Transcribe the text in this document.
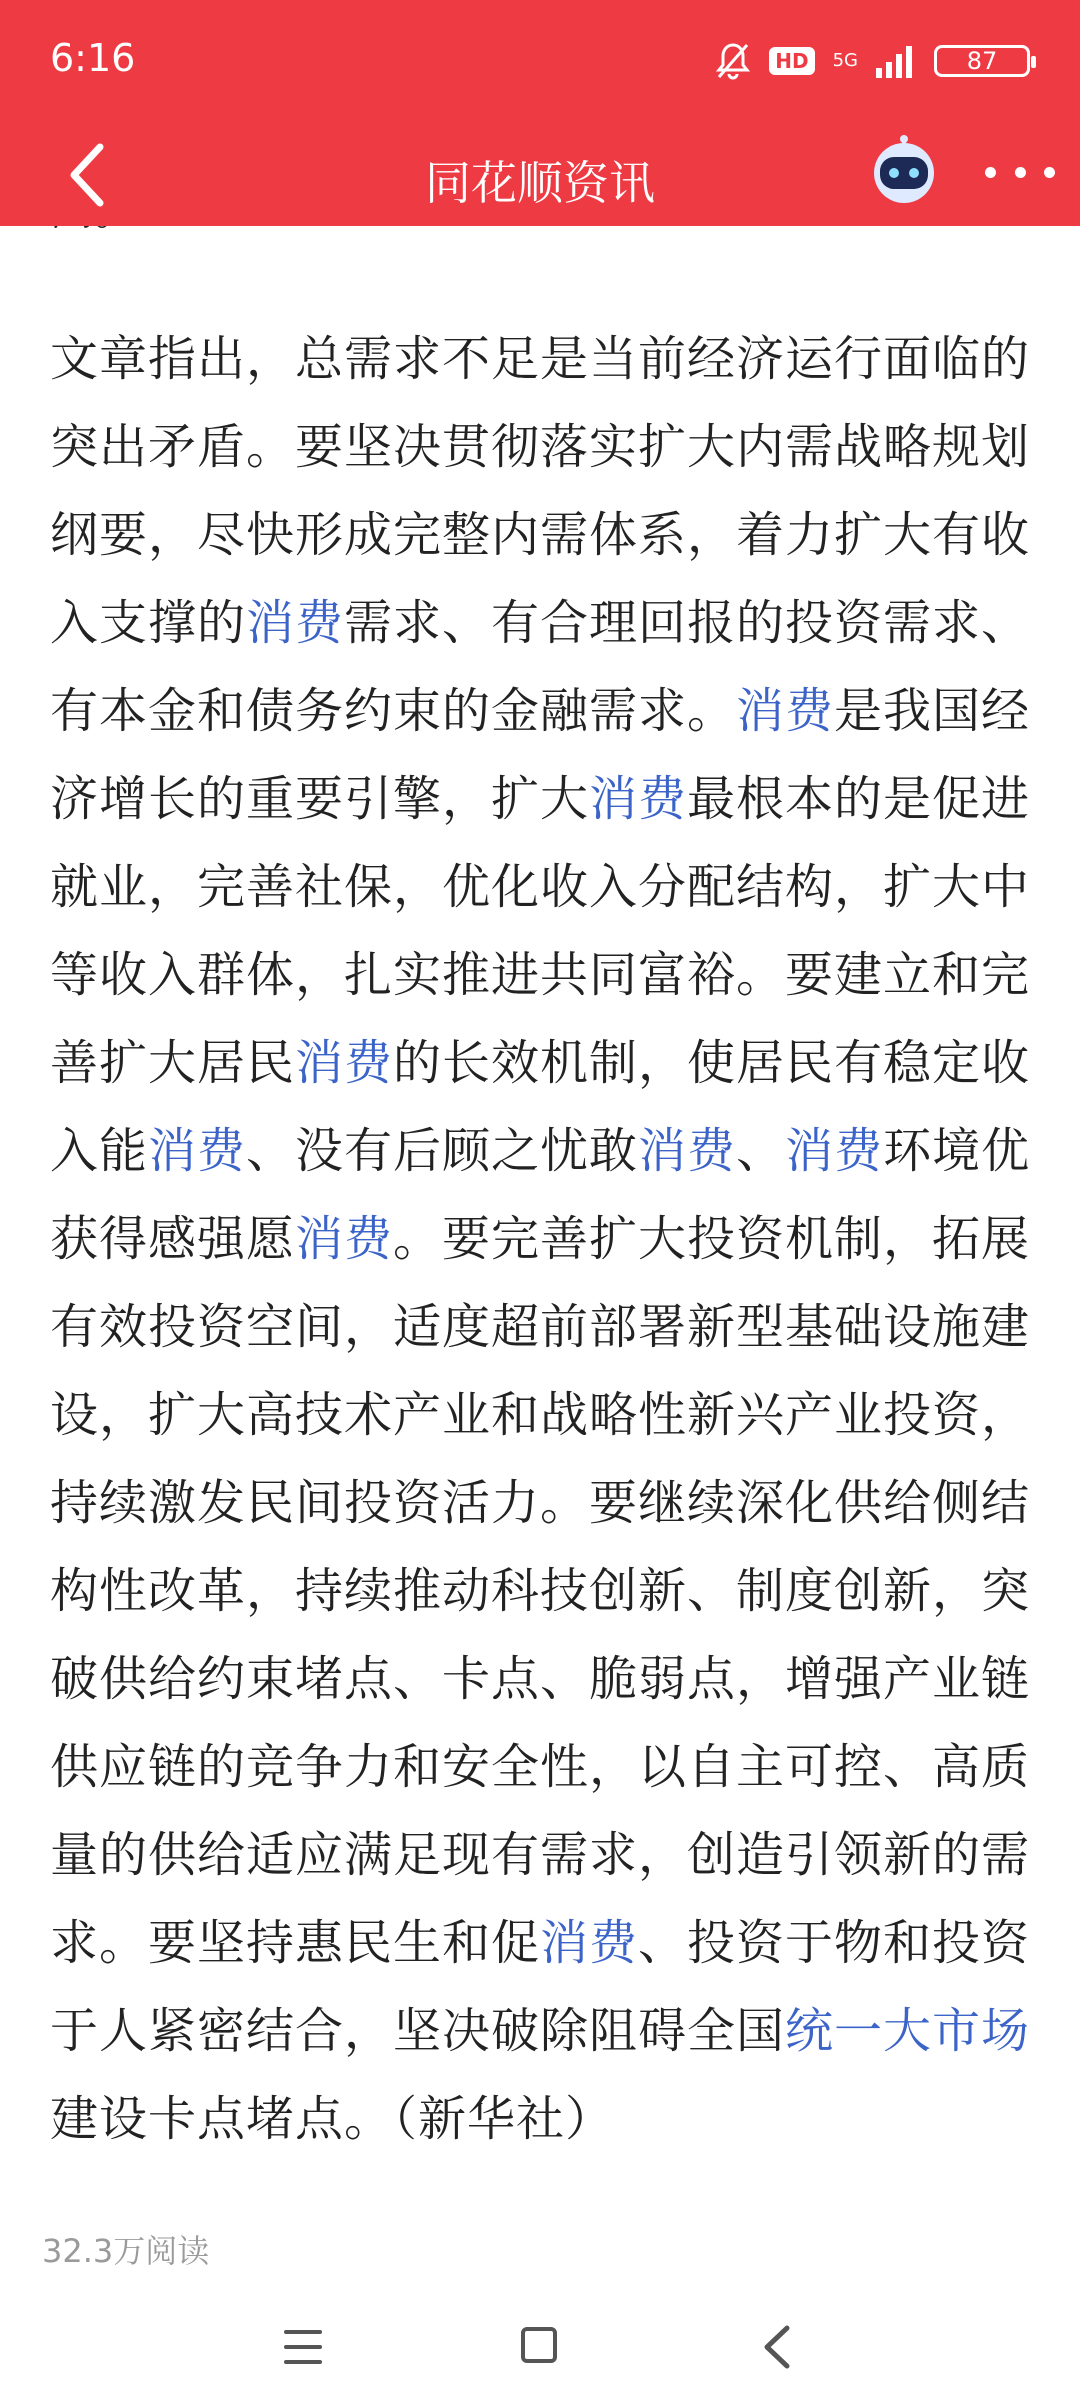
6:16	HD	5G	87
同花顺资讯
文章指出，总需求不足是当前经济运行面临的突出矛盾。要坚决贯彻落实扩大内需战略规划纲要，尽快形成完整内需体系，着力扩大有收入支撑的消费需求、有合理回报的投资需求、有本金和债务约束的金融需求。消费是我国经济增长的重要引擎，扩大消费最根本的是促进就业，完善社保，优化收入分配结构，扩大中等收入群体，扎实推进共同富裕。要建立和完善扩大居民消费的长效机制，使居民有稳定收入能消费、没有后顾之忧敢消费、消费环境优获得感强愿消费。要完善扩大投资机制，拓展有效投资空间，适度超前部署新型基础设施建设，扩大高技术产业和战略性新兴产业投资，持续激发民间投资活力。要继续深化供给侧结构性改革，持续推动科技创新、制度创新，突破供给约束堵点、卡点、脆弱点，增强产业链供应链的竞争力和安全性，以自主可控、高质量的供给适应满足现有需求，创造引领新的需求。要坚持惠民生和促消费、投资于物和投资于人紧密结合，坚决破除阻碍全国统一大市场建设卡点堵点。（新华社）
32.3万阅读
